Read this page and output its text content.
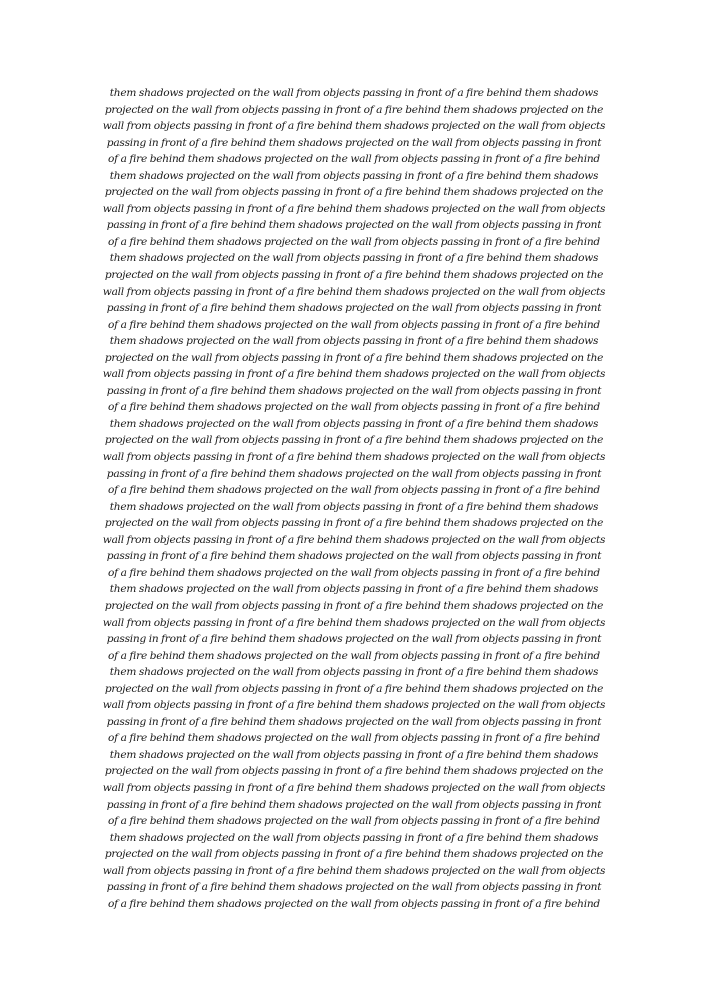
them shadows projected on the wall from objects passing in front of a fire behind them shadows
projected on the wall from objects passing in front of a fire behind them shadows projected on the
wall from objects passing in front of a fire behind them shadows projected on the wall from objects
passing in front of a fire behind them shadows projected on the wall from objects passing in front
of a fire behind them shadows projected on the wall from objects passing in front of a fire behind
them shadows projected on the wall from objects passing in front of a fire behind them shadows
projected on the wall from objects passing in front of a fire behind them shadows projected on the
wall from objects passing in front of a fire behind them shadows projected on the wall from objects
passing in front of a fire behind them shadows projected on the wall from objects passing in front
of a fire behind them shadows projected on the wall from objects passing in front of a fire behind
them shadows projected on the wall from objects passing in front of a fire behind them shadows
projected on the wall from objects passing in front of a fire behind them shadows projected on the
wall from objects passing in front of a fire behind them shadows projected on the wall from objects
passing in front of a fire behind them shadows projected on the wall from objects passing in front
of a fire behind them shadows projected on the wall from objects passing in front of a fire behind
them shadows projected on the wall from objects passing in front of a fire behind them shadows
projected on the wall from objects passing in front of a fire behind them shadows projected on the
wall from objects passing in front of a fire behind them shadows projected on the wall from objects
passing in front of a fire behind them shadows projected on the wall from objects passing in front
of a fire behind them shadows projected on the wall from objects passing in front of a fire behind
them shadows projected on the wall from objects passing in front of a fire behind them shadows
projected on the wall from objects passing in front of a fire behind them shadows projected on the
wall from objects passing in front of a fire behind them shadows projected on the wall from objects
passing in front of a fire behind them shadows projected on the wall from objects passing in front
of a fire behind them shadows projected on the wall from objects passing in front of a fire behind
them shadows projected on the wall from objects passing in front of a fire behind them shadows
projected on the wall from objects passing in front of a fire behind them shadows projected on the
wall from objects passing in front of a fire behind them shadows projected on the wall from objects
passing in front of a fire behind them shadows projected on the wall from objects passing in front
of a fire behind them shadows projected on the wall from objects passing in front of a fire behind
them shadows projected on the wall from objects passing in front of a fire behind them shadows
projected on the wall from objects passing in front of a fire behind them shadows projected on the
wall from objects passing in front of a fire behind them shadows projected on the wall from objects
passing in front of a fire behind them shadows projected on the wall from objects passing in front
of a fire behind them shadows projected on the wall from objects passing in front of a fire behind
them shadows projected on the wall from objects passing in front of a fire behind them shadows
projected on the wall from objects passing in front of a fire behind them shadows projected on the
wall from objects passing in front of a fire behind them shadows projected on the wall from objects
passing in front of a fire behind them shadows projected on the wall from objects passing in front
of a fire behind them shadows projected on the wall from objects passing in front of a fire behind
them shadows projected on the wall from objects passing in front of a fire behind them shadows
projected on the wall from objects passing in front of a fire behind them shadows projected on the
wall from objects passing in front of a fire behind them shadows projected on the wall from objects
passing in front of a fire behind them shadows projected on the wall from objects passing in front
of a fire behind them shadows projected on the wall from objects passing in front of a fire behind
them shadows projected on the wall from objects passing in front of a fire behind them shadows
projected on the wall from objects passing in front of a fire behind them shadows projected on the
wall from objects passing in front of a fire behind them shadows projected on the wall from objects
passing in front of a fire behind them shadows projected on the wall from objects passing in front
of a fire behind them shadows projected on the wall from objects passing in front of a fire behind
